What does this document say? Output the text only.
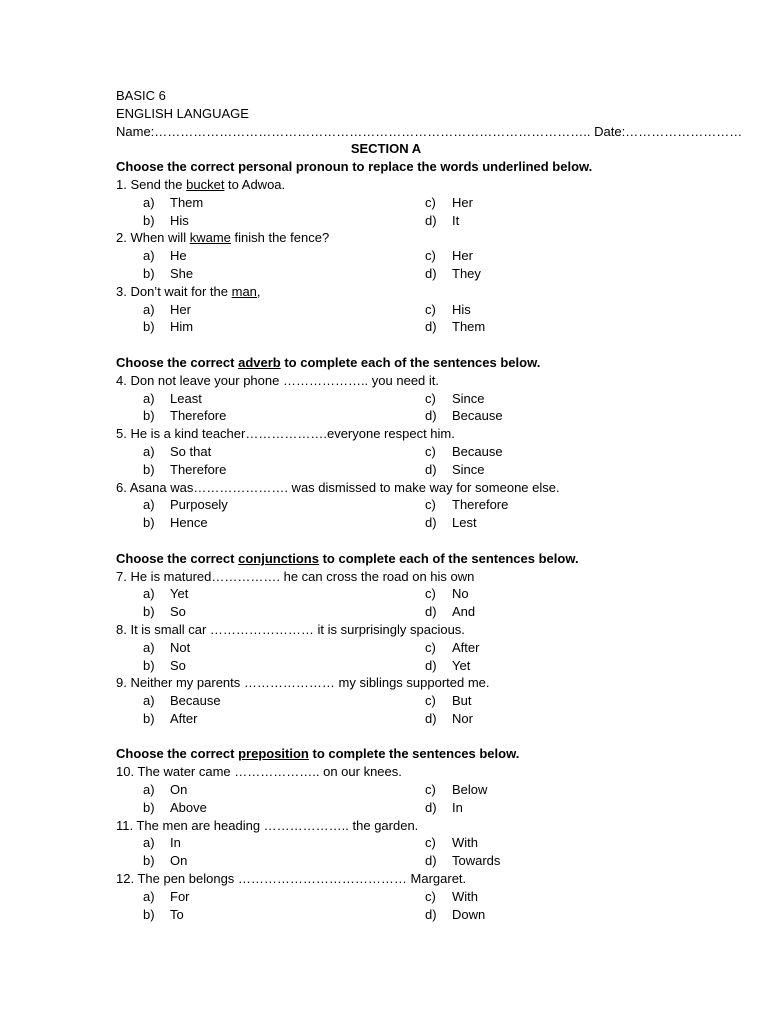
BASIC 6
ENGLISH LANGUAGE
Name:……………………………………………………………………………………….. Date:………………………
SECTION A
Choose the correct personal pronoun to replace the words underlined below.
1. Send the bucket to Adwoa.
a) Them	c) Her
b) His	d) It
2. When will kwame finish the fence?
a) He	c) Her
b) She	d) They
3. Don’t wait for the man,
a) Her	c) His
b) Him	d) Them
Choose the correct adverb to complete each of the sentences below.
4. Don not leave your phone ……………….. you need it.
a) Least	c) Since
b) Therefore	d) Because
5. He is a kind teacher……………….everyone respect him.
a) So that	c) Because
b) Therefore	d) Since
6. Asana was…………………. was dismissed to make way for someone else.
a) Purposely	c) Therefore
b) Hence	d) Lest
Choose the correct conjunctions to complete each of the sentences below.
7. He is matured……………. he can cross the road on his own
a) Yet	c) No
b) So	d) And
8. It is small car …………………… it is surprisingly spacious.
a) Not	c) After
b) So	d) Yet
9. Neither my parents ………………… my siblings supported me.
a) Because	c) But
b) After	d) Nor
Choose the correct preposition to complete the sentences below.
10. The water came ……………….. on our knees.
a) On	c) Below
b) Above	d) In
11. The men are heading ……………….. the garden.
a) In	c) With
b) On	d) Towards
12. The pen belongs ………………………………… Margaret.
a) For	c) With
b) To	d) Down
